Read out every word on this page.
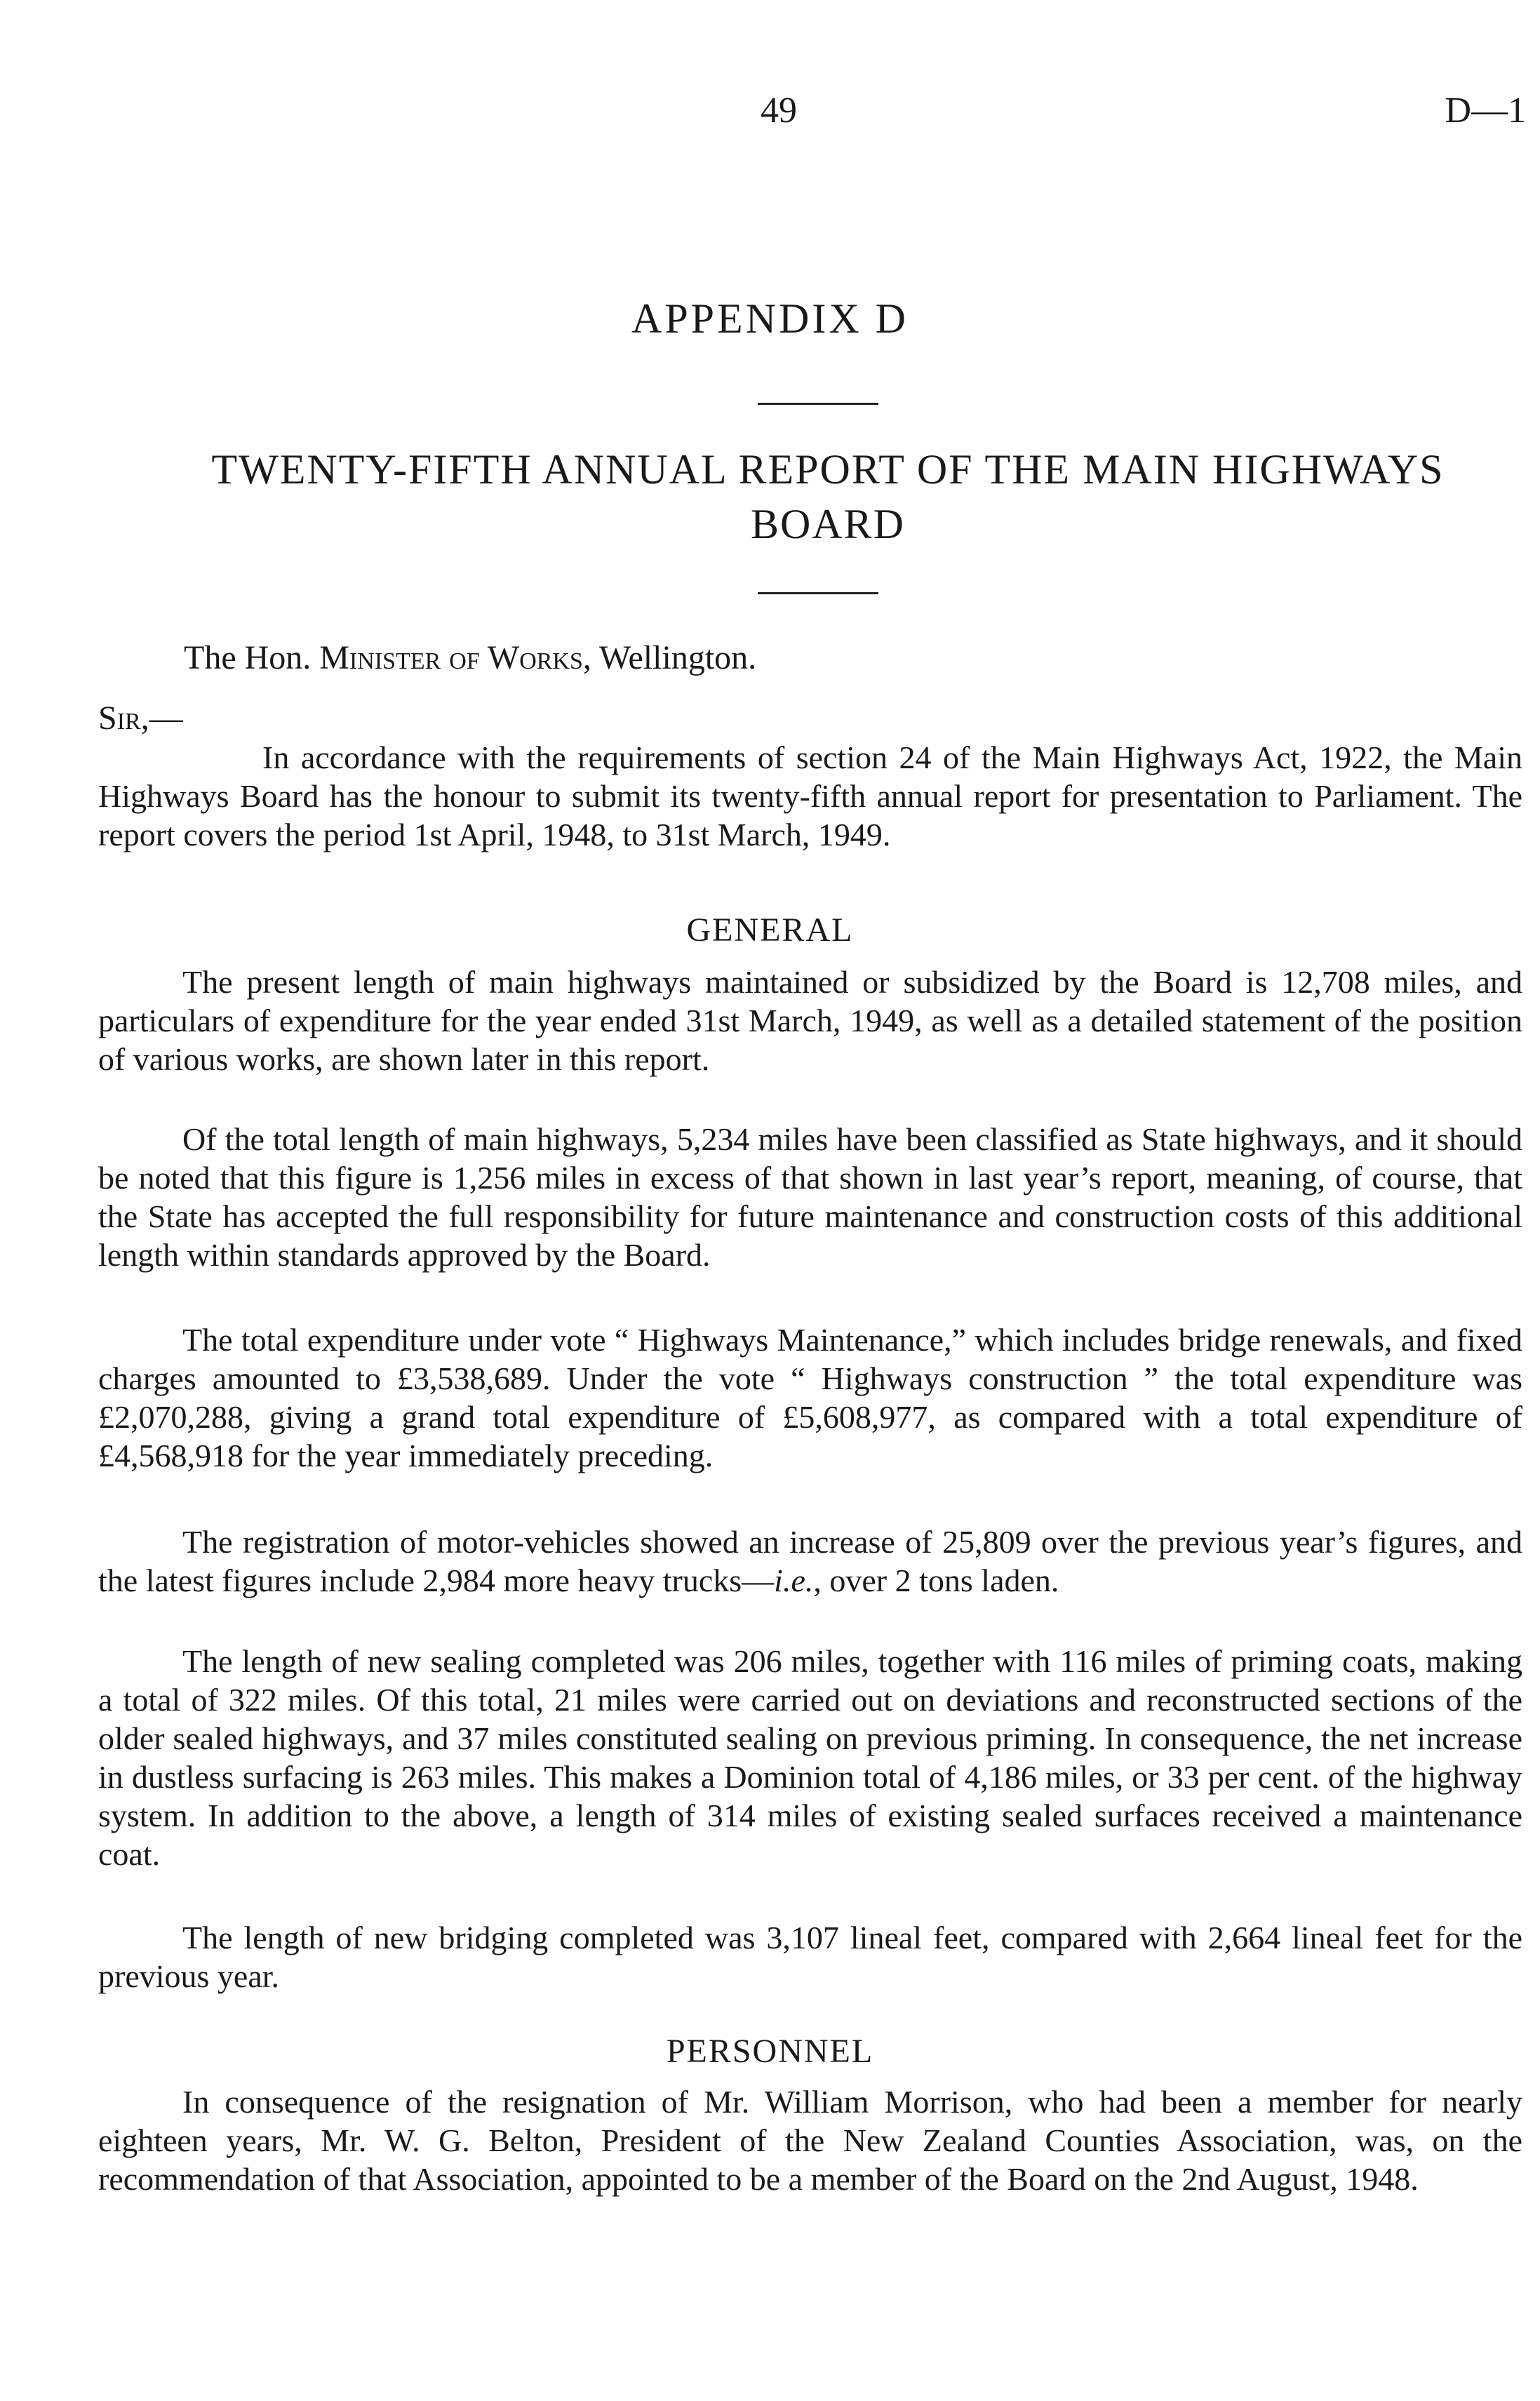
49	D—1
APPENDIX D
TWENTY-FIFTH ANNUAL REPORT OF THE MAIN HIGHWAYS BOARD
The Hon. Minister of Works, Wellington.
Sir,—

In accordance with the requirements of section 24 of the Main Highways Act, 1922, the Main Highways Board has the honour to submit its twenty-fifth annual report for presentation to Parliament. The report covers the period 1st April, 1948, to 31st March, 1949.

GENERAL

The present length of main highways maintained or subsidized by the Board is 12,708 miles, and particulars of expenditure for the year ended 31st March, 1949, as well as a detailed statement of the position of various works, are shown later in this report.

Of the total length of main highways, 5,234 miles have been classified as State highways, and it should be noted that this figure is 1,256 miles in excess of that shown in last year’s report, meaning, of course, that the State has accepted the full responsibility for future maintenance and construction costs of this additional length within standards approved by the Board.

The total expenditure under vote “ Highways Maintenance,” which includes bridge renewals, and fixed charges amounted to £3,538,689. Under the vote “ Highways construction ” the total expenditure was £2,070,288, giving a grand total expenditure of £5,608,977, as compared with a total expenditure of £4,568,918 for the year immediately preceding.

The registration of motor-vehicles showed an increase of 25,809 over the previous year’s figures, and the latest figures include 2,984 more heavy trucks—i.e., over 2 tons laden.

The length of new sealing completed was 206 miles, together with 116 miles of priming coats, making a total of 322 miles. Of this total, 21 miles were carried out on deviations and reconstructed sections of the older sealed highways, and 37 miles constituted sealing on previous priming. In consequence, the net increase in dustless surfacing is 263 miles. This makes a Dominion total of 4,186 miles, or 33 per cent. of the highway system. In addition to the above, a length of 314 miles of existing sealed surfaces received a maintenance coat.

The length of new bridging completed was 3,107 lineal feet, compared with 2,664 lineal feet for the previous year.

PERSONNEL

In consequence of the resignation of Mr. William Morrison, who had been a member for nearly eighteen years, Mr. W. G. Belton, President of the New Zealand Counties Association, was, on the recommendation of that Association, appointed to be a member of the Board on the 2nd August, 1948.
